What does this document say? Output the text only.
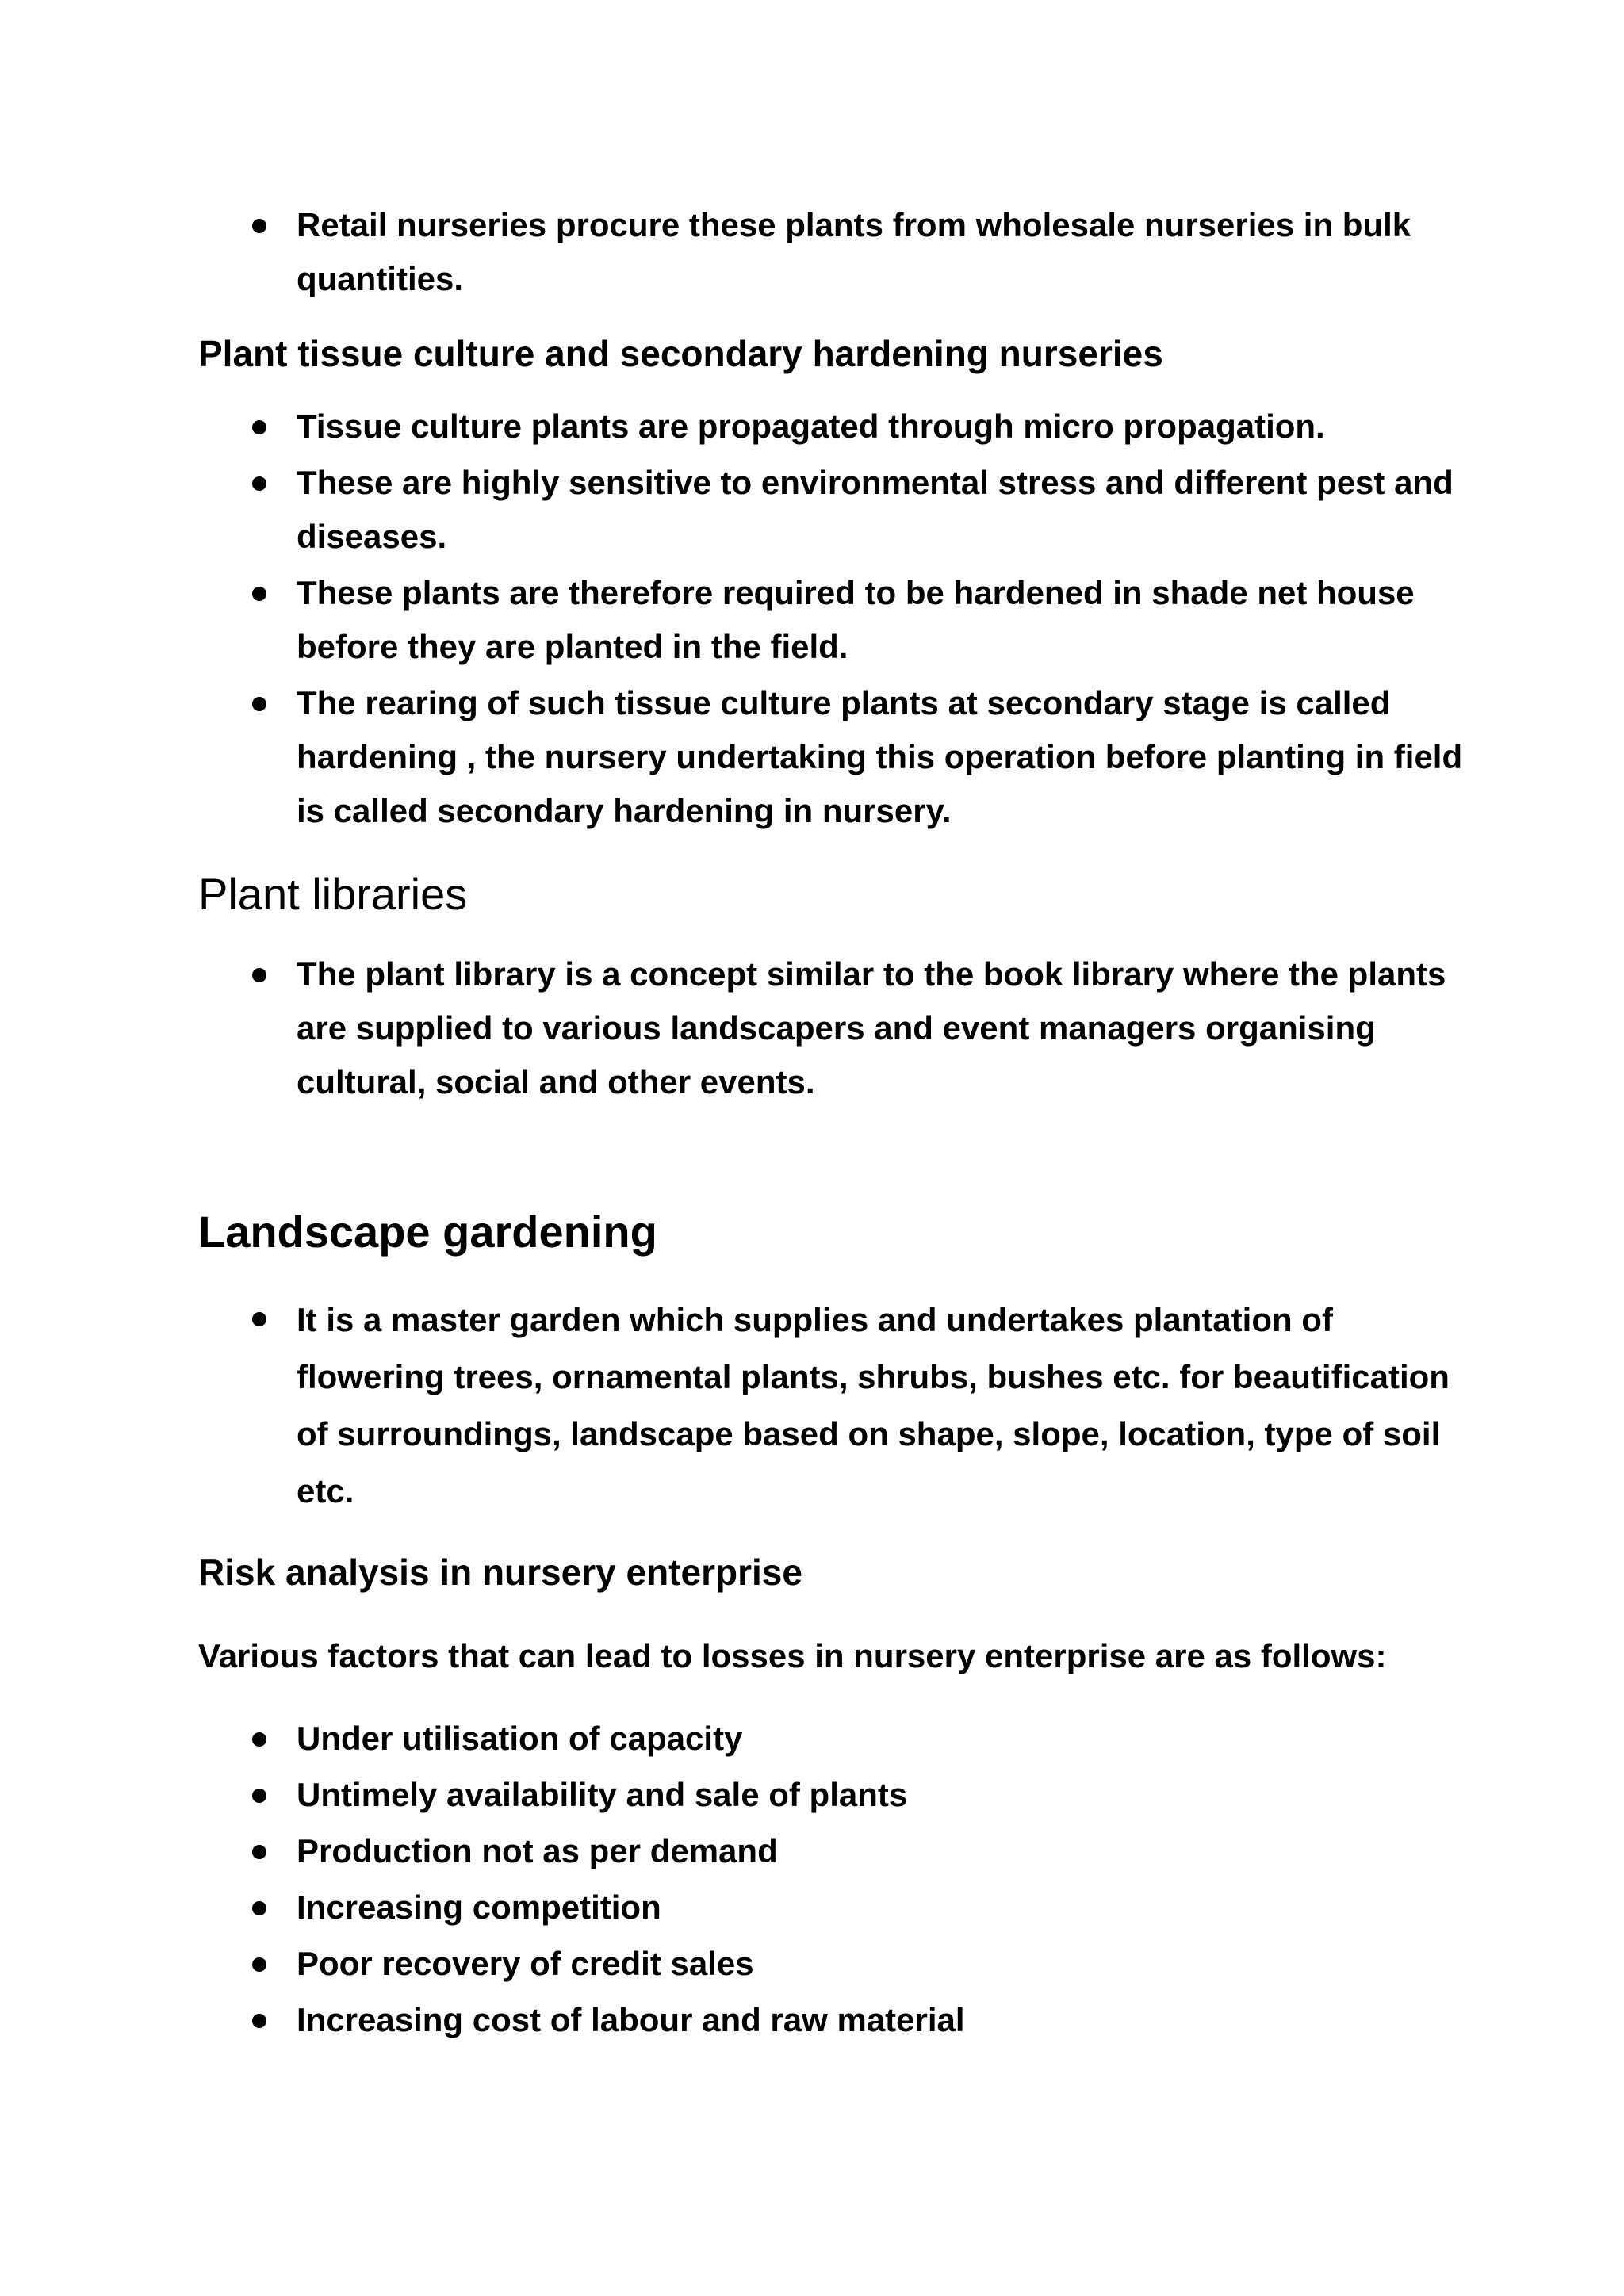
Retail nurseries procure these plants from wholesale nurseries in bulk quantities.
Plant tissue culture and secondary hardening nurseries
Tissue culture plants are propagated through micro propagation.
These are highly sensitive to environmental stress and different pest and diseases.
These plants are therefore required to be hardened in shade net house before they are planted in the field.
The rearing of such tissue culture plants at secondary stage is called hardening , the nursery undertaking this operation before planting in field is called secondary hardening in nursery.
Plant libraries
The plant library is a concept similar to the book library where the plants are supplied to various landscapers and event managers organising cultural, social and other events.
Landscape gardening
It is a master garden which supplies and undertakes plantation of flowering trees, ornamental plants, shrubs, bushes etc. for beautification of surroundings, landscape based on shape, slope, location, type of soil etc.
Risk analysis in nursery enterprise

Various factors that can lead to losses in nursery enterprise are as follows:

Under utilisation of capacity
Untimely availability and sale of plants
Production not as per demand
Increasing competition
Poor recovery of credit sales
Increasing cost of labour and raw material
